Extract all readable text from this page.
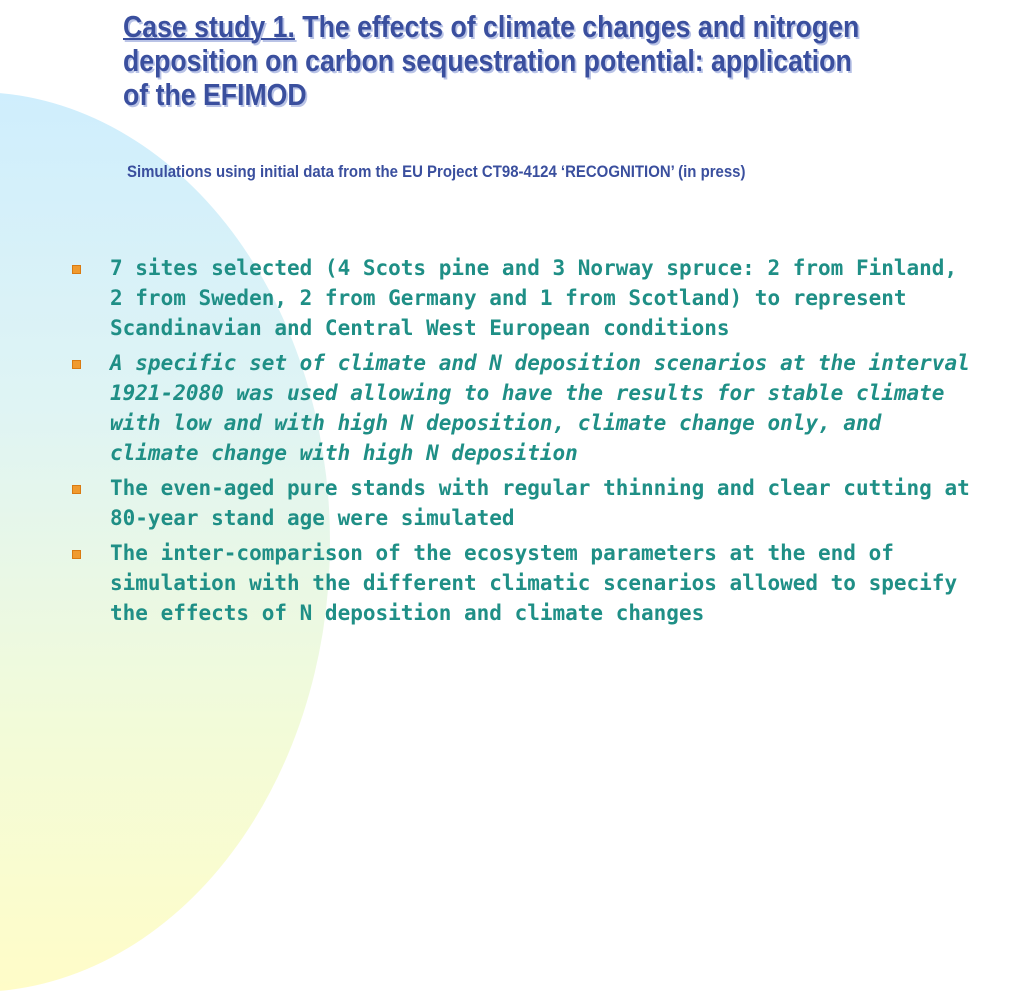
Case study 1. The effects of climate changes and nitrogen deposition on carbon sequestration potential: application of the EFIMOD

Simulations using initial data from the EU Project CT98-4124 ‘RECOGNITION’ (in press)

7 sites selected (4 Scots pine and 3 Norway spruce: 2 from Finland, 2 from Sweden, 2 from Germany and 1 from Scotland) to represent Scandinavian and Central West European conditions
A specific set of climate and N deposition scenarios at the interval 1921-2080 was used allowing to have the results for stable climate with low and with high N deposition, climate change only, and climate change with high N deposition
The even-aged pure stands with regular thinning and clear cutting at 80-year stand age were simulated
The inter-comparison of the ecosystem parameters at the end of simulation with the different climatic scenarios allowed to specify the effects of N deposition and climate changes
